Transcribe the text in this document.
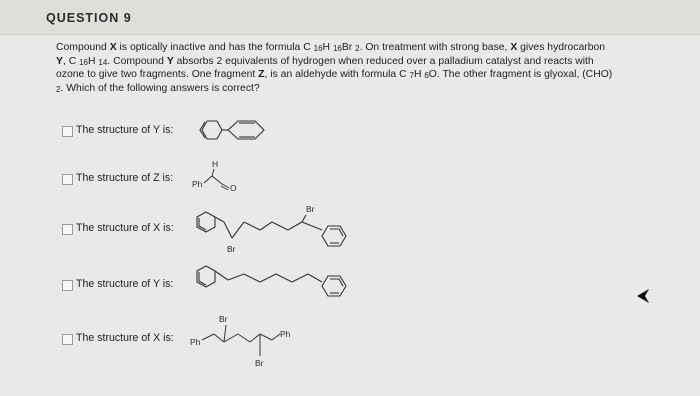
QUESTION 9
Compound X is optically inactive and has the formula C $_{16}$H $_{16}$Br $_2$. On treatment with strong base, X gives hydrocarbon
Y, C $_{16}$H $_{14}$. Compound Y absorbs 2 equivalents of hydrogen when reduced over a palladium catalyst and reacts with
ozone to give two fragments. One fragment Z, is an aldehyde with formula C $_7$H $_6$O. The other fragment is glyoxal, (CHO)
$_2$. Which of the following answers is correct?
The structure of Y is:
The structure of Z is:
H
Ph	O
The structure of X is:
Br
Br
The structure of Y is:
The structure of X is:
Br
Br
Ph
Ph
